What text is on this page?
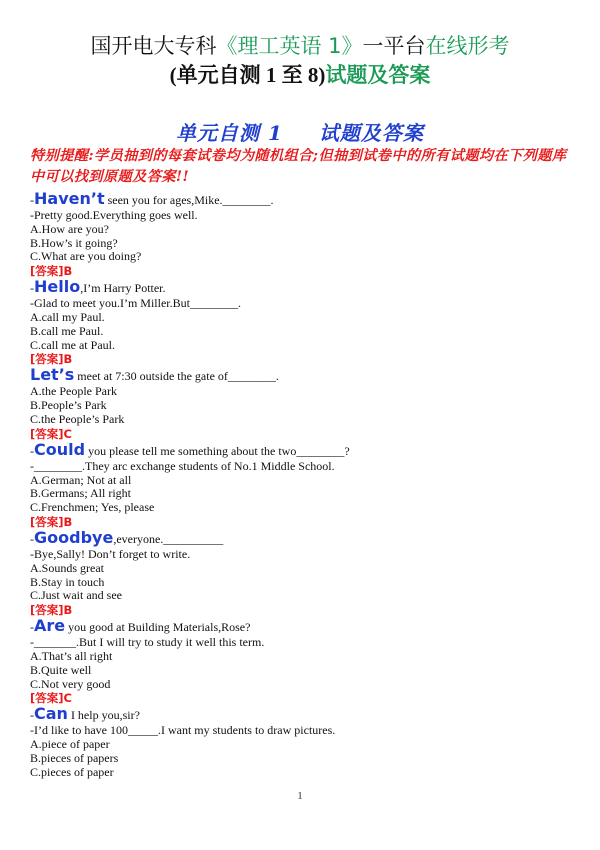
国开电大专科《理工英语 1》一平台在线形考
(单元自测 1 至 8)试题及答案
单元自测 1 试题及答案
特别提醒:学员抽到的每套试卷均为随机组合;但抽到试卷中的所有试题均在下列题库中可以找到原题及答案!!
-Haven’t seen you for ages,Mike.________.
-Pretty good.Everything goes well.
A.How are you?
B.How’s it going?
C.What are you doing?
[答案]B
-Hello,I’m Harry Potter.
-Glad to meet you.I’m Miller.But________.
A.call my Paul.
B.call me Paul.
C.call me at Paul.
[答案]B
Let’s meet at 7:30 outside the gate of________.
A.the People Park
B.People’s Park
C.the People’s Park
[答案]C
-Could you please tell me something about the two________?
-________.They arc exchange students of No.1 Middle School.
A.German; Not at all
B.Germans; All right
C.Frenchmen; Yes, please
[答案]B
-Goodbye,everyone.__________
-Bye,Sally! Don’t forget to write.
A.Sounds great
B.Stay in touch
C.Just wait and see
[答案]B
-Are you good at Building Materials,Rose?
-_______.But I will try to study it well this term.
A.That’s all right
B.Quite well
C.Not very good
[答案]C
-Can I help you,sir?
-I’d like to have 100_____.I want my students to draw pictures.
A.piece of paper
B.pieces of papers
C.pieces of paper
1
